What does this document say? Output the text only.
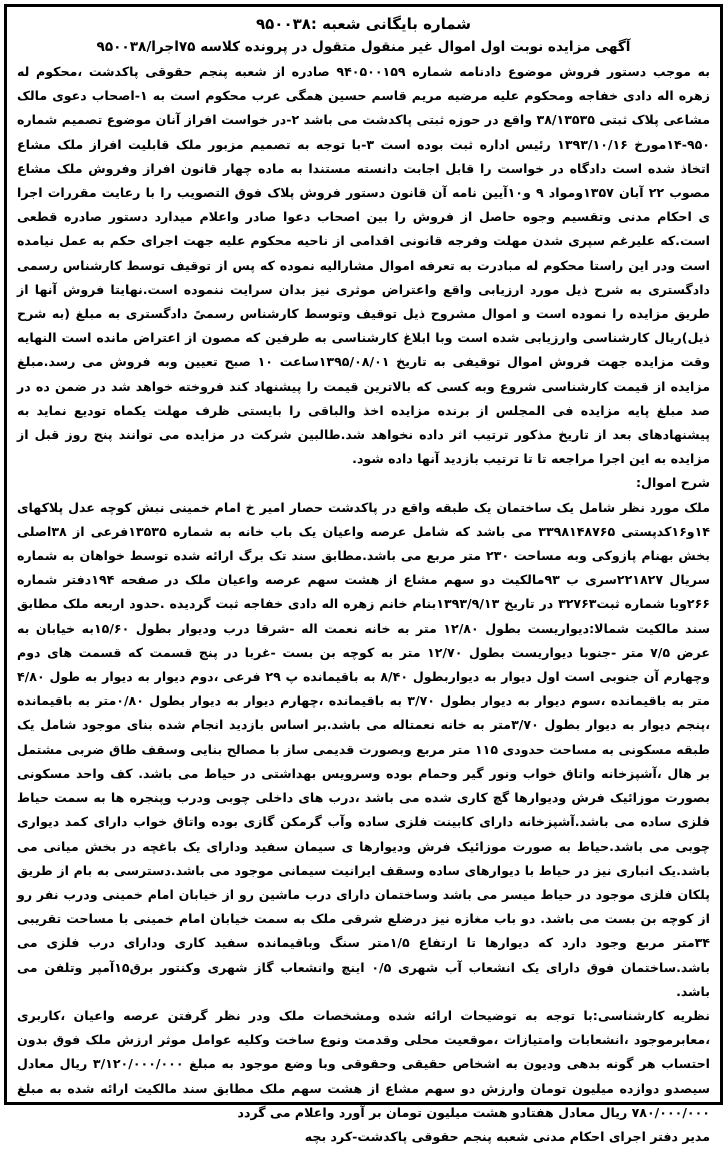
شماره بایگانی شعبه :۹۵۰۰۳۸
آگهی مزایده نوبت اول اموال غیر منقول متقول در پرونده کلاسه ۷۵اجرا/۹۵۰۰۳۸

به موجب دستور فروش موضوع دادنامه شماره ۹۴۰۵۰۰۱۵۹ صادره از شعبه پنجم حقوقی پاکدشت ،محکوم له زهره اله دادی خفاجه ومحکوم علیه مرضیه مریم قاسم حسین همگی عرب محکوم است به ۱-اصحاب دعوی مالک مشاعی پلاک ثبتی ۳۸/۱۳۵۳۵ واقع در حوزه ثبتی پاکدشت می باشد ۲-در خواست افراز آنان موضوع تصمیم شماره ۹۵۰-۱۴مورخ ۱۳۹۳/۱۰/۱۶ رئیس اداره ثبت بوده است ۳-با توجه به تصمیم مزبور ملک قابلیت افراز ملک مشاع اتخاذ شده است دادگاه در خواست را قابل اجابت دانسته مستندا به ماده چهار قانون افراز وفروش ملک مشاع مصوب ۲۲ آبان ۱۳۵۷ومواد ۹ و۱۰آیین نامه آن قانون دستور فروش پلاک فوق التصویب را با رعایت مقررات اجرا ی احکام مدنی وتقسیم وجوه حاصل از فروش را بین اصحاب دعوا صادر واعلام میدارد دستور صادره قطعی است.که علیرغم سپری شدن مهلت وفرجه قانونی اقدامی از ناحیه محکوم علیه جهت اجرای حکم به عمل نیامده است ودر این راستا محکوم له مبادرت به تعرفه اموال مشارالیه نموده که پس از توقیف توسط کارشناس رسمی دادگستری به شرح ذیل مورد ارزیابی واقع واعتراض موثری نیز بدان سرایت ننموده است.نهایتا فروش آنها از طریق مزایده را نموده است و اموال مشروح ذیل توقیف وتوسط کارشناس رسمیً دادگستری به مبلغ (به شرح ذیل)ریال کارشناسی وارزیابی شده است وبا ابلاغ کارشناسی به طرفین که مصون از اعتراض مانده است النهایه وقت مزایده جهت فروش اموال توقیفی به تاریخ ۱۳۹۵/۰۸/۰۱ساعت ۱۰ صبح تعیین وبه فروش می رسد.مبلغ مزایده از قیمت کارشناسی شروع وبه کسی که بالاترین قیمت را پیشنهاد کند فروخته خواهد شد در ضمن ده در صد مبلغ پایه مزایده فی المجلس از برنده مزایده اخذ والباقی را بایستی ظرف مهلت یکماه تودیع نماید به پیشنهادهای بعد از تاریخ مذکور ترتیب اثر داده نخواهد شد.طالبین شرکت در مزایده می توانند پنج روز قبل از مزایده به این اجرا مراجعه تا تا ترتیب بازدید آنها داده شود.

شرح اموال:

ملک مورد نظر شامل یک ساختمان یک طبقه واقع در پاکدشت حصار امیر خ امام خمینی نبش کوچه عدل پلاکهای ۱۴و۱۶کدپستی ۳۳۹۸۱۴۸۷۶۵ می باشد که شامل عرصه واعیان یک باب خانه به شماره ۱۳۵۳۵فرعی از ۳۸اصلی بخش بهنام پازوکی وبه مساحت ۲۳۰ متر مربع می باشد.مطابق سند تک برگ ارائه شده توسط خواهان به شماره سریال ۲۲۱۸۲۷سری ب ۹۳مالکیت دو سهم مشاع از هشت سهم عرصه واعیان ملک در صفحه ۱۹۴دفتر شماره ۲۶۶وبا شماره ثبت۳۲۷۶۳ در تاریخ ۱۳۹۳/۹/۱۳بنام خانم زهره اله دادی خفاجه ثبت گردیده .حدود اربعه ملک مطابق سند مالکیت شمالا:دیواریست بطول ۱۲/۸۰ متر به خانه نعمت اله -شرقا درب ودیوار بطول ۱۵/۶۰به خیابان به عرض ۷/۵ متر -جنوبا دیواریست بطول ۱۲/۷۰ متر به کوچه بن بست -غربا در پنج قسمت که قسمت های دوم وچهارم آن جنوبی است اول دیوار به دیواربطول ۸/۴۰ به باقیمانده پ ۲۹ فرعی ،دوم دیوار به دیوار به طول ۴/۸۰ متر به باقیمانده ،سوم دیوار به دیوار بطول ۳/۷۰ به باقیمانده ،چهارم دیوار به دیوار بطول ۰/۸۰متر به باقیمانده ،پنجم دیوار به دیوار بطول ۳/۷۰متر به خانه نعمتاله می باشد.بر اساس بازدید انجام شده بنای موجود شامل یک طبقه مسکونی به مساحت حدودی ۱۱۵ متر مربع وبصورت قدیمی ساز با مصالح بنایی وسقف طاق ضربی مشتمل بر هال ،آشپزخانه واتاق خواب ونور گیر وحمام بوده وسرویس بهداشتی در حیاط می باشد. کف واحد مسکونی بصورت موزائیک فرش ودیوارها گچ کاری شده می باشد ،درب های داخلی چوبی ودرب وپنجره ها به سمت حیاط فلزی ساده می باشد.آشپزخانه دارای کابینت فلزی ساده وآب گرمکن گازی بوده واتاق خواب دارای کمد دیواری چوبی می باشد.حیاط به صورت موزائیک فرش ودیوارها ی سیمان سفید ودارای یک باغچه در بخش میانی می باشد.یک انباری نیز در حیاط با دیوارهای ساده وسقف ایرانیت سیمانی موجود می باشد.دسترسی به بام از طریق پلکان فلزی موجود در حیاط میسر می باشد وساختمان دارای درب ماشین رو از خیابان امام خمینی ودرب نفر رو از کوچه بن بست می باشد. دو باب مغازه نیز درضلع شرقی ملک به سمت خیابان امام خمینی با مساحت تقریبی ۳۴متر مربع وجود دارد که دیوارها تا ارتفاع ۱/۵متر سنگ وباقیمانده سفید کاری ودارای درب فلزی می باشد.ساختمان فوق دارای یک انشعاب آب شهری ۰/۵ اینچ وانشعاب گاز شهری وکنتور برق۱۵آمپر وتلفن می باشد.

نظریه کارشناسی:با توجه به توضیحات ارائه شده ومشخصات ملک ودر نظر گرفتن عرصه واعیان ،کاربری ،معابرموجود ،انشعابات وامتیازات ،موقعیت محلی وقدمت ونوع ساخت وکلیه عوامل موثر ارزش ملک فوق بدون احتساب هر گونه بدهی ودیون به اشخاص حقیقی وحقوقی وبا وضع موجود به مبلغ ۳/۱۲۰/۰۰۰/۰۰۰ ریال معادل سیصدو دوازده میلیون تومان وارزش دو سهم مشاع از هشت سهم ملک مطابق سند مالکیت ارائه شده به مبلغ ۷۸۰/۰۰۰/۰۰۰ ریال معادل هفتادو هشت میلیون تومان بر آورد واعلام می گردد

مدیر دفتر اجرای احکام مدنی شعبه پنجم حقوقی پاکدشت-کرد بچه
